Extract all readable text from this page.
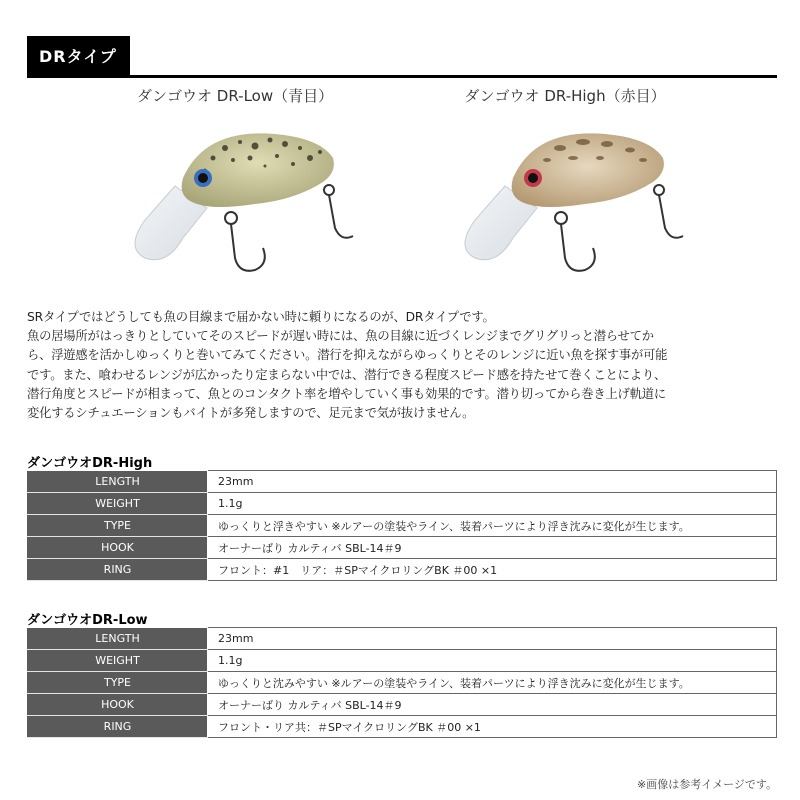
DRタイプ
ダンゴウオ DR-Low（青目）	ダンゴウオ DR-High（赤目）

SRタイプではどうしても魚の目線まで届かない時に頼りになるのが、DRタイプです。

魚の居場所がはっきりとしていてそのスピードが遅い時には、魚の目線に近づくレンジまでグリグリっと潜らせてか

ら、浮遊感を活かしゆっくりと巻いてみてください。潜行を抑えながらゆっくりとそのレンジに近い魚を探す事が可能

です。また、喰わせるレンジが広かったり定まらない中では、潜行できる程度スピード感を持たせて巻くことにより、

潜行角度とスピードが相まって、魚とのコンタクト率を増やしていく事も効果的です。潜り切ってから巻き上げ軌道に

変化するシチュエーションもバイトが多発しますので、足元まで気が抜けません。

ダンゴウオDR-High
LENGTH	23mm
WEIGHT	1.1g
TYPE	ゆっくりと浮きやすい ※ルアーの塗装やライン、装着パーツにより浮き沈みに変化が生じます。
HOOK	オーナーばり カルティバ SBL-14＃9
RING	フロント：#1　リア：＃SPマイクロリングBK ＃00 ×1
ダンゴウオDR-Low
LENGTH	23mm
WEIGHT	1.1g
TYPE	ゆっくりと沈みやすい ※ルアーの塗装やライン、装着パーツにより浮き沈みに変化が生じます。
HOOK	オーナーばり カルティバ SBL-14＃9
RING	フロント・リア共：＃SPマイクロリングBK ＃00 ×1
※画像は参考イメージです。
